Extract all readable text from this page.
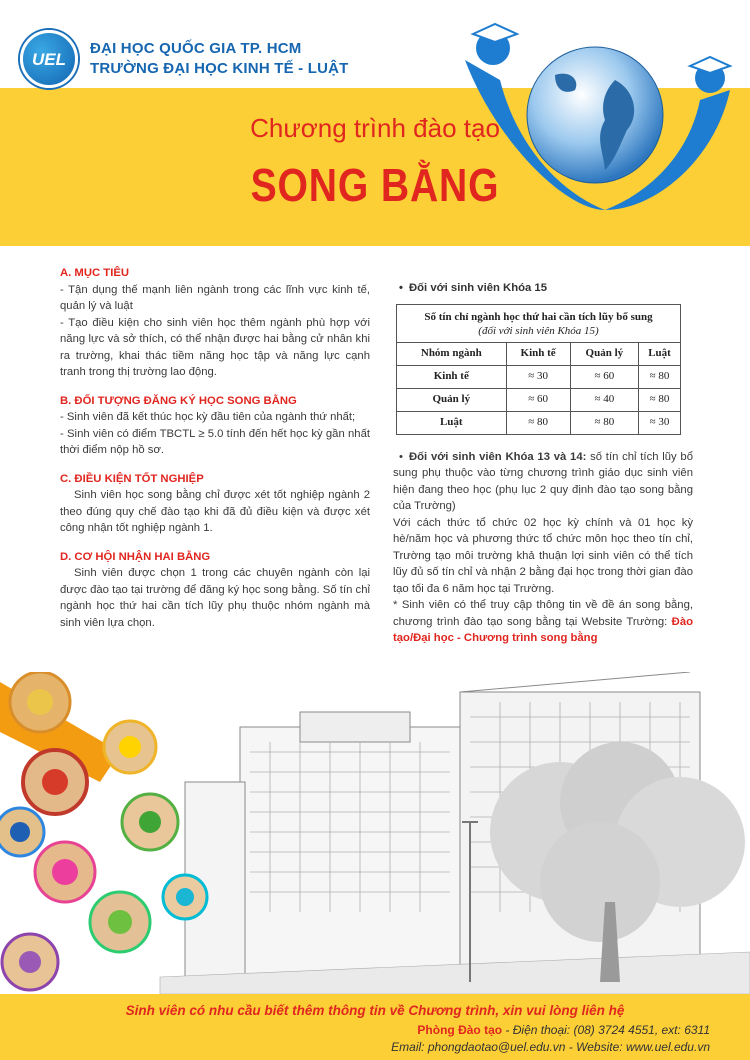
UEL
ĐẠI HỌC QUỐC GIA TP. HCM
TRƯỜNG ĐẠI HỌC KINH TẾ - LUẬT
Chương trình đào tạo
SONG BẰNG
A. MỤC TIÊU
- Tận dụng thế mạnh liên ngành trong các lĩnh vực kinh tế, quản lý và luật
- Tạo điều kiện cho sinh viên học thêm ngành phù hợp với năng lực và sở thích, có thể nhận được hai bằng cử nhân khi ra trường, khai thác tiềm năng học tập và năng lực cạnh tranh trong thị trường lao động.
B. ĐỐI TƯỢNG ĐĂNG KÝ HỌC SONG BẰNG
- Sinh viên đã kết thúc học kỳ đầu tiên của ngành thứ nhất;
- Sinh viên có điểm TBCTL ≥ 5.0 tính đến hết học kỳ gần nhất thời điểm nộp hồ sơ.
C. ĐIỀU KIỆN TỐT NGHIỆP
Sinh viên học song bằng chỉ được xét tốt nghiệp ngành 2 theo đúng quy chế đào tạo khi đã đủ điều kiện và được xét công nhận tốt nghiệp ngành 1.
D. CƠ HỘI NHẬN HAI BẰNG
Sinh viên được chọn 1 trong các chuyên ngành còn lại được đào tạo tại trường để đăng ký học song bằng. Số tín chỉ ngành học thứ hai cần tích lũy phụ thuộc nhóm ngành mà sinh viên lựa chọn.
• Đối với sinh viên Khóa 15
Số tín chỉ ngành học thứ hai cần tích lũy bổ sung
(đối với sinh viên Khóa 15)			

Nhóm ngành	Kinh tế	Quản lý	Luật
Kinh tế	≈ 30	≈ 60	≈ 80
Quản lý	≈ 60	≈ 40	≈ 80
Luật	≈ 80	≈ 80	≈ 30
• Đối với sinh viên Khóa 13 và 14: số tín chỉ tích lũy bổ sung phụ thuộc vào từng chương trình giáo dục sinh viên hiện đang theo học (phụ lục 2 quy định đào tạo song bằng của Trường)
Với cách thức tổ chức 02 học kỳ chính và 01 học kỳ hè/năm học và phương thức tổ chức môn học theo tín chỉ, Trường tạo môi trường khả thuận lợi sinh viên có thể tích lũy đủ số tín chỉ và nhận 2 bằng đại học trong thời gian đào tạo tối đa 6 năm học tại Trường.
* Sinh viên có thể truy cập thông tin về đề án song bằng, chương trình đào tạo song bằng tại Website Trường: Đào tạo/Đại học - Chương trình song bằng
Sinh viên có nhu cầu biết thêm thông tin về Chương trình, xin vui lòng liên hệ
Phòng Đào tạo - Điện thoại: (08) 3724 4551, ext: 6311
Email: phongdaotao@uel.edu.vn - Website: www.uel.edu.vn
